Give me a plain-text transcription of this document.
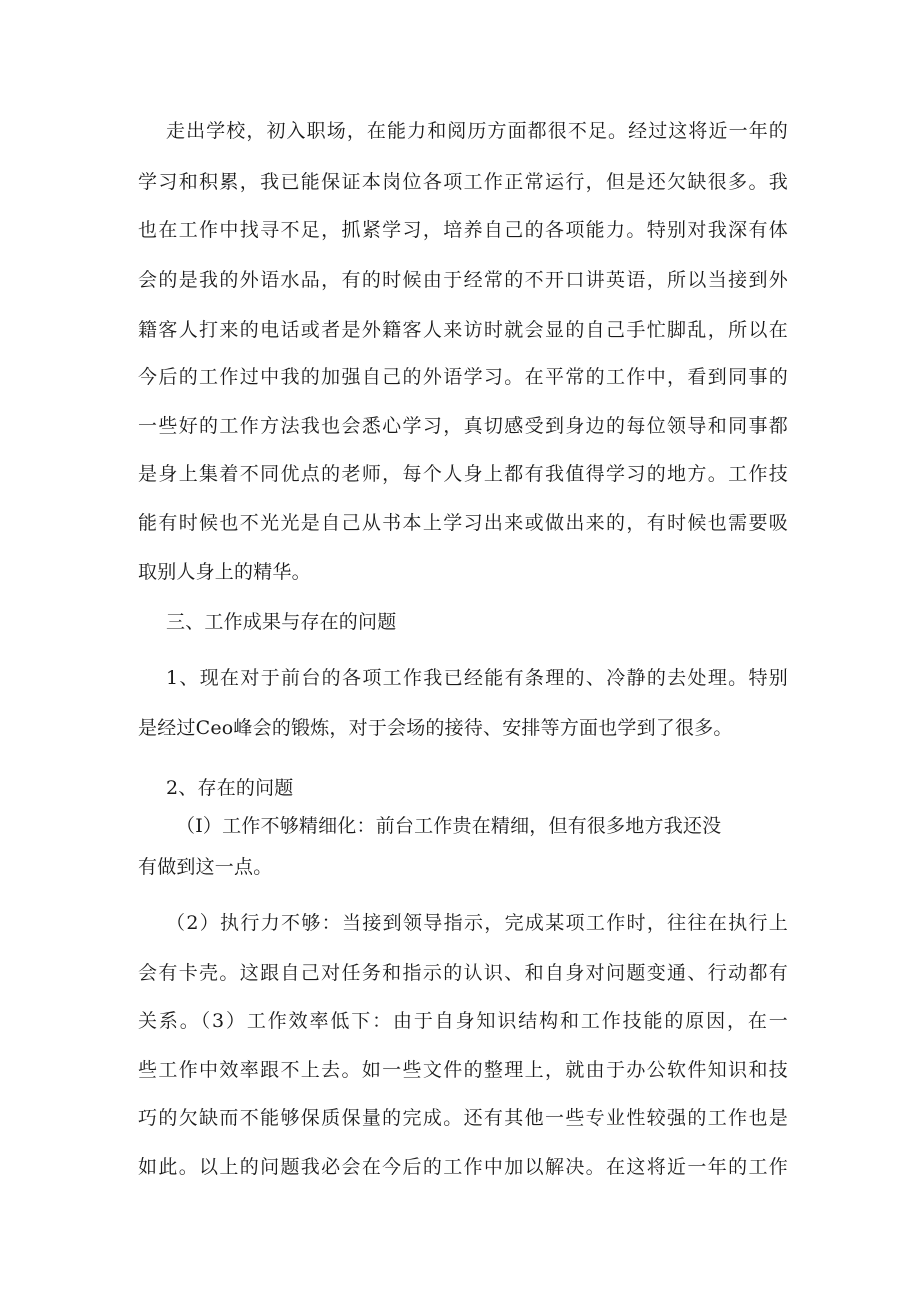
走出学校，初入职场，在能力和阅历方面都很不足。经过这将近一年的
学习和积累，我已能保证本岗位各项工作正常运行，但是还欠缺很多。我
也在工作中找寻不足，抓紧学习，培养自己的各项能力。特别对我深有体
会的是我的外语水品，有的时候由于经常的不开口讲英语，所以当接到外
籍客人打来的电话或者是外籍客人来访时就会显的自己手忙脚乱，所以在
今后的工作过中我的加强自己的外语学习。在平常的工作中，看到同事的
一些好的工作方法我也会悉心学习，真切感受到身边的每位领导和同事都
是身上集着不同优点的老师，每个人身上都有我值得学习的地方。工作技
能有时候也不光光是自己从书本上学习出来或做出来的，有时候也需要吸
取别人身上的精华。
三、工作成果与存在的问题
1、现在对于前台的各项工作我已经能有条理的、冷静的去处理。特别
是经过Ceo峰会的锻炼，对于会场的接待、安排等方面也学到了很多。
2、存在的问题
（I）工作不够精细化：前台工作贵在精细，但有很多地方我还没
有做到这一点。
（2）执行力不够：当接到领导指示，完成某项工作时，往往在执行上
会有卡壳。这跟自己对任务和指示的认识、和自身对问题变通、行动都有
关系。（3）工作效率低下：由于自身知识结构和工作技能的原因，在一
些工作中效率跟不上去。如一些文件的整理上，就由于办公软件知识和技
巧的欠缺而不能够保质保量的完成。还有其他一些专业性较强的工作也是
如此。以上的问题我必会在今后的工作中加以解决。在这将近一年的工作
